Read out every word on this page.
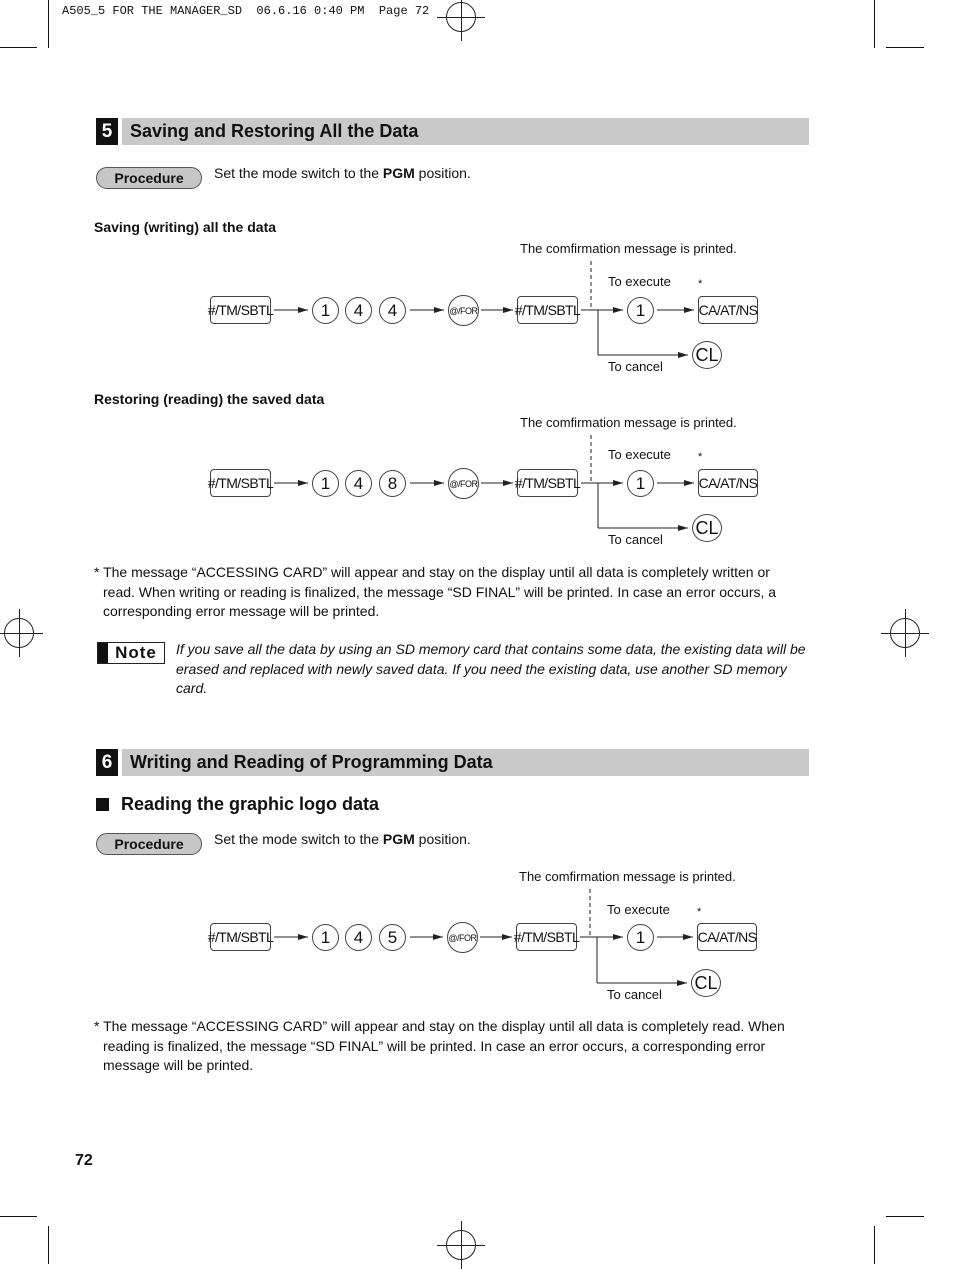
A505_5 FOR THE MANAGER_SD  06.6.16 0:40 PM  Page 72
5 Saving and Restoring All the Data
Procedure	Set the mode switch to the PGM position.
Saving (writing) all the data
Restoring (reading) the saved data
The comfirmation message is printed.
To execute *
To cancel
#/TM/SBTL	1	4	4	@/FOR	#/TM/SBTL	1	CA/AT/NS
CL
The comfirmation message is printed.
To execute *
To cancel
#/TM/SBTL	1	4	8	@/FOR	#/TM/SBTL	1	CA/AT/NS
CL
* The message “ACCESSING CARD” will appear and stay on the display until all data is completely written or
read. When writing or reading is finalized, the message “SD FINAL” will be printed. In case an error occurs, a
corresponding error message will be printed.
Note	If you save all the data by using an SD memory card that contains some data, the existing data will be erased and replaced with newly saved data. If you need the existing data, use another SD memory card.
6 Writing and Reading of Programming Data
Reading the graphic logo data
Procedure	Set the mode switch to the PGM position.
The comfirmation message is printed.
To execute *
To cancel
#/TM/SBTL	1	4	5	@/FOR	#/TM/SBTL	1	CA/AT/NS
CL
* The message “ACCESSING CARD” will appear and stay on the display until all data is completely read. When
reading is finalized, the message “SD FINAL” will be printed. In case an error occurs, a corresponding error
message will be printed.
72
